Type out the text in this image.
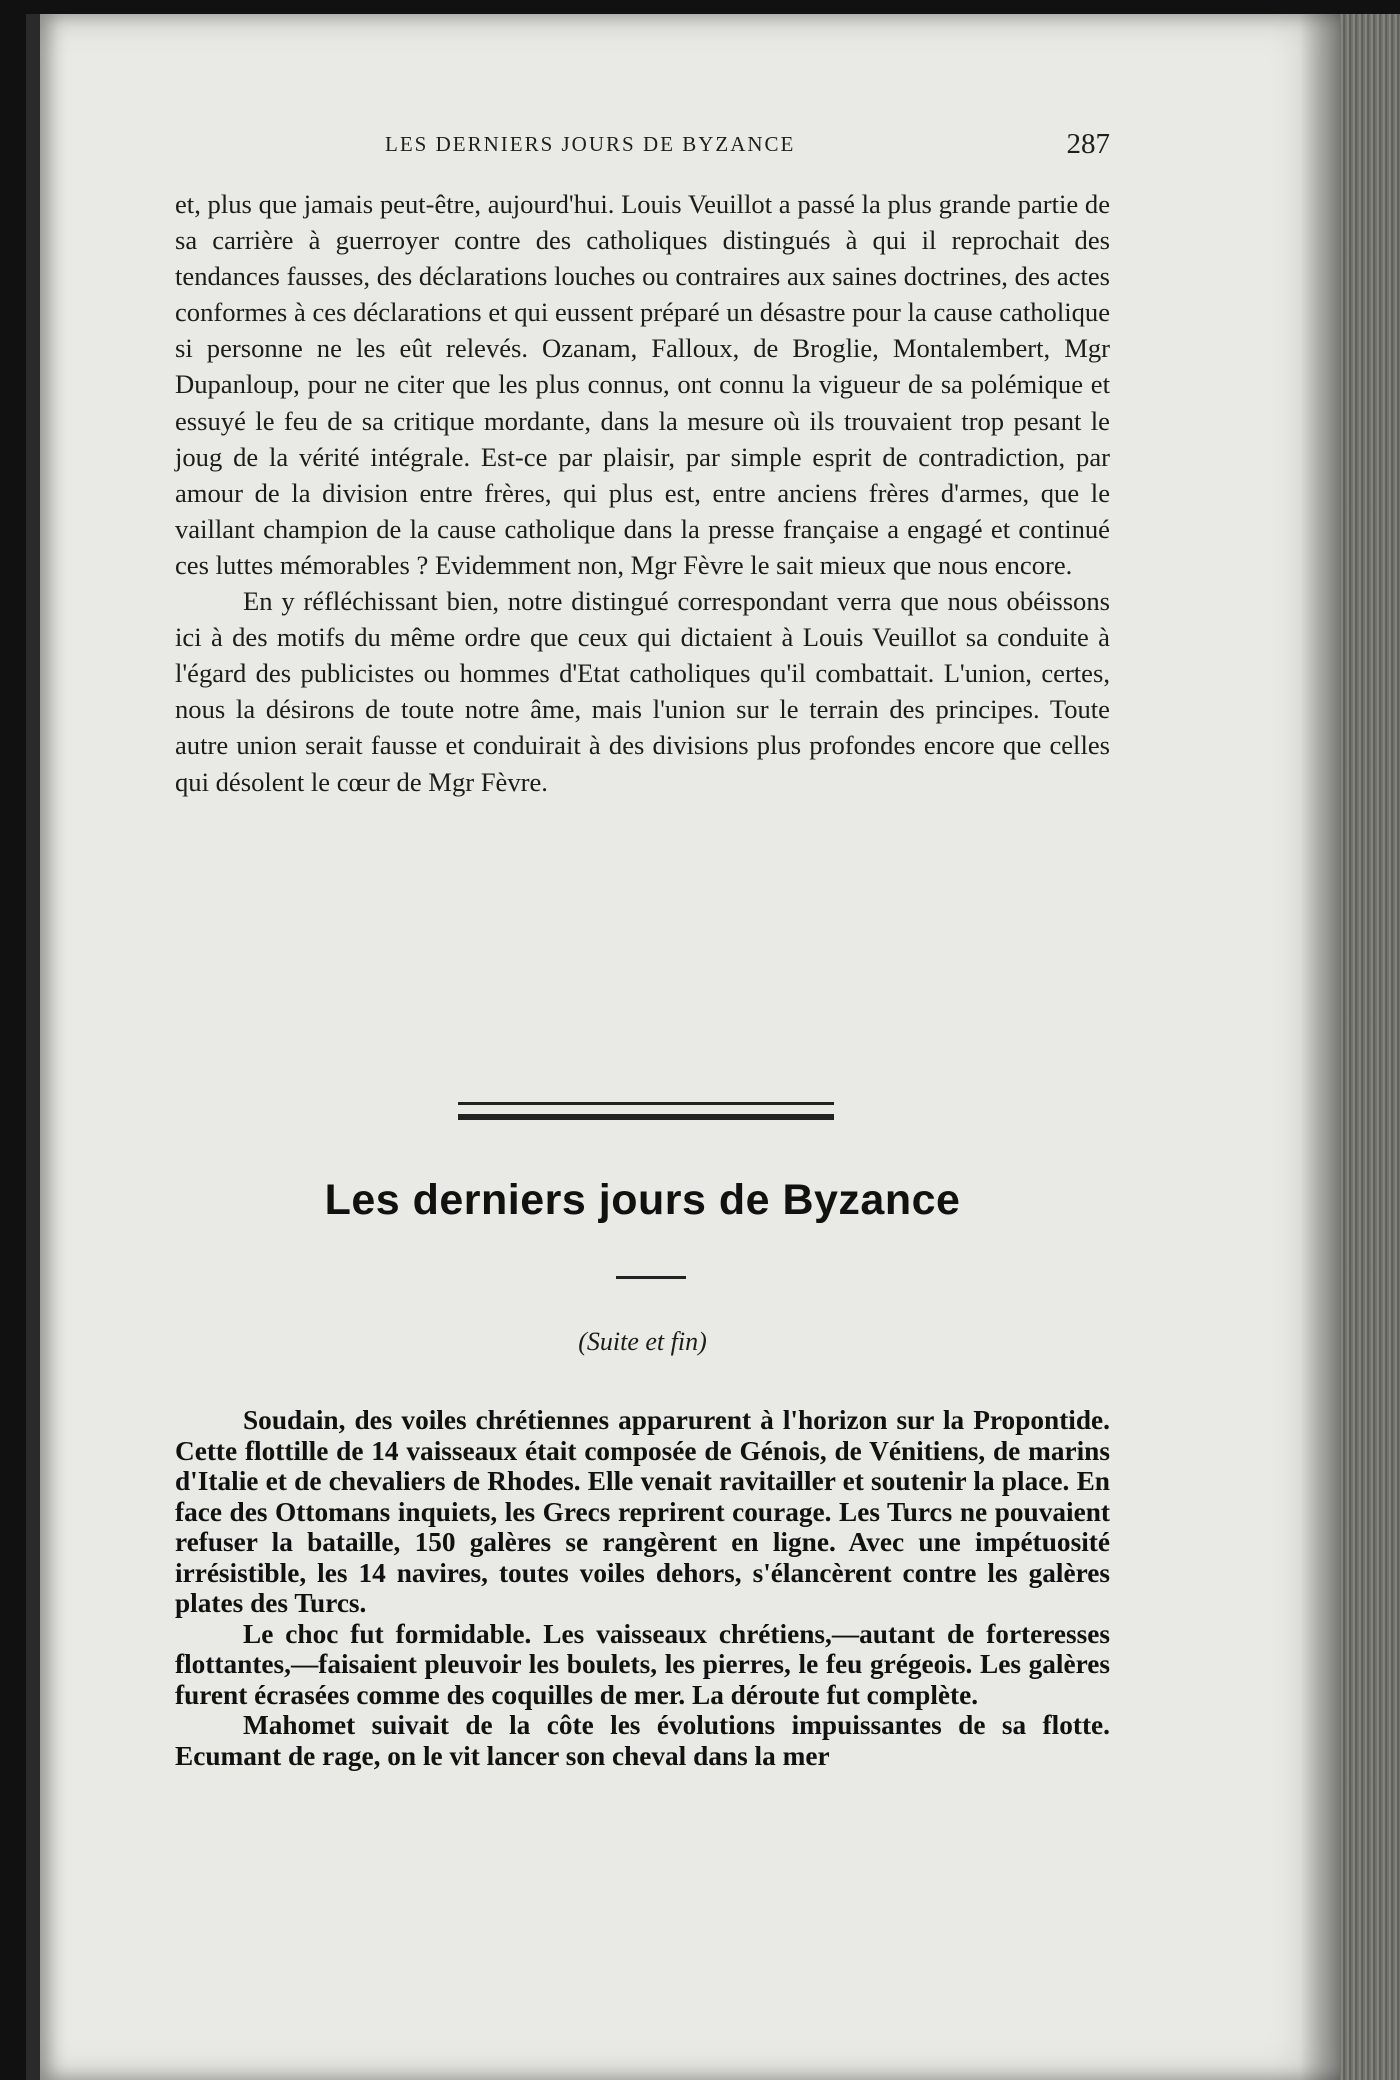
LES DERNIERS JOURS DE BYZANCE	287

et, plus que jamais peut-être, aujourd'hui. Louis Veuillot a passé la plus grande partie de sa carrière à guerroyer contre des catholiques distingués à qui il reprochait des tendances fausses, des déclarations louches ou contraires aux saines doctrines, des actes conformes à ces déclarations et qui eussent préparé un désastre pour la cause catholique si personne ne les eût relevés. Ozanam, Falloux, de Broglie, Montalembert, Mgr Dupanloup, pour ne citer que les plus connus, ont connu la vigueur de sa polémique et essuyé le feu de sa critique mordante, dans la mesure où ils trouvaient trop pesant le joug de la vérité intégrale. Est-ce par plaisir, par simple esprit de contradiction, par amour de la division entre frères, qui plus est, entre anciens frères d'armes, que le vaillant champion de la cause catholique dans la presse française a engagé et continué ces luttes mémorables ? Evidemment non, Mgr Fèvre le sait mieux que nous encore.

En y réfléchissant bien, notre distingué correspondant verra que nous obéissons ici à des motifs du même ordre que ceux qui dictaient à Louis Veuillot sa conduite à l'égard des publicistes ou hommes d'Etat catholiques qu'il combattait. L'union, certes, nous la désirons de toute notre âme, mais l'union sur le terrain des principes. Toute autre union serait fausse et conduirait à des divisions plus profondes encore que celles qui désolent le cœur de Mgr Fèvre.

Les derniers jours de Byzance
(Suite et fin)

Soudain, des voiles chrétiennes apparurent à l'horizon sur la Propontide. Cette flottille de 14 vaisseaux était composée de Génois, de Vénitiens, de marins d'Italie et de chevaliers de Rhodes. Elle venait ravitailler et soutenir la place. En face des Ottomans inquiets, les Grecs reprirent courage. Les Turcs ne pouvaient refuser la bataille, 150 galères se rangèrent en ligne. Avec une impétuosité irrésistible, les 14 navires, toutes voiles dehors, s'élancèrent contre les galères plates des Turcs.

Le choc fut formidable. Les vaisseaux chrétiens,—autant de forteresses flottantes,—faisaient pleuvoir les boulets, les pierres, le feu grégeois. Les galères furent écrasées comme des coquilles de mer. La déroute fut complète.

Mahomet suivait de la côte les évolutions impuissantes de sa flotte. Ecumant de rage, on le vit lancer son cheval dans la mer
